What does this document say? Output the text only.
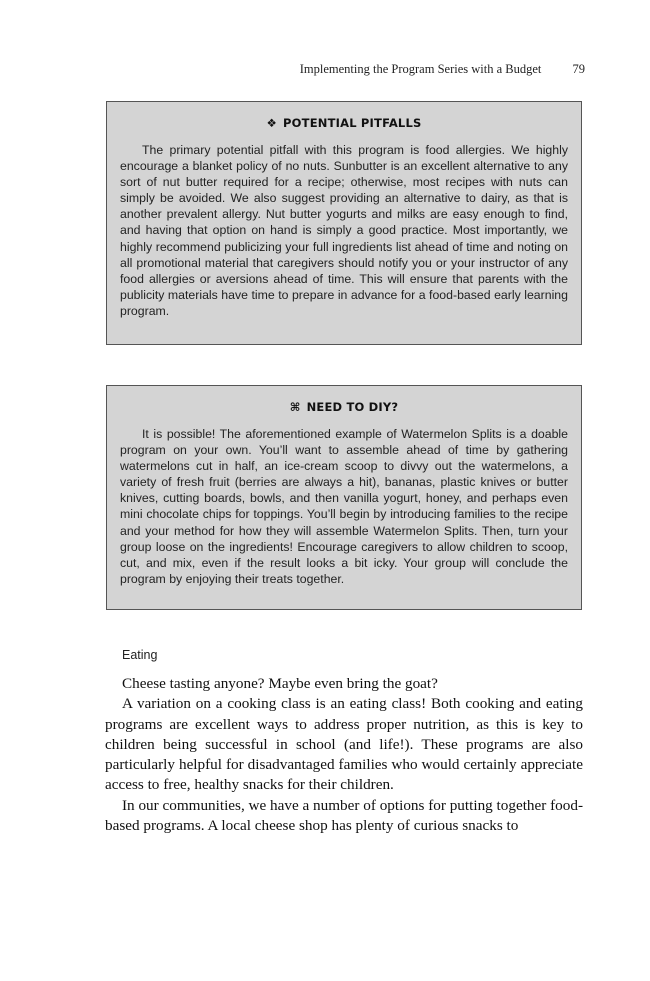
Implementing the Program Series with a Budget 79
❖ POTENTIAL PITFALLS

The primary potential pitfall with this program is food allergies. We highly encourage a blanket policy of no nuts. Sunbutter is an excellent alternative to any sort of nut butter required for a recipe; otherwise, most recipes with nuts can simply be avoided. We also suggest providing an alternative to dairy, as that is another prevalent allergy. Nut butter yogurts and milks are easy enough to find, and having that option on hand is simply a good practice. Most importantly, we highly recommend publicizing your full ingredients list ahead of time and noting on all promotional material that caregivers should notify you or your instructor of any food allergies or aversions ahead of time. This will ensure that parents with the publicity materials have time to prepare in advance for a food-based early learning program.

⌘ NEED TO DIY?

It is possible! The aforementioned example of Watermelon Splits is a doable program on your own. You’ll want to assemble ahead of time by gathering watermelons cut in half, an ice-cream scoop to divvy out the watermelons, a variety of fresh fruit (berries are always a hit), bananas, plastic knives or butter knives, cutting boards, bowls, and then vanilla yogurt, honey, and perhaps even mini chocolate chips for toppings. You’ll begin by introducing families to the recipe and your method for how they will assemble Watermelon Splits. Then, turn your group loose on the ingredients! Encourage caregivers to allow children to scoop, cut, and mix, even if the result looks a bit icky. Your group will conclude the program by enjoying their treats together.

Eating

Cheese tasting anyone? Maybe even bring the goat?

A variation on a cooking class is an eating class! Both cooking and eating programs are excellent ways to address proper nutrition, as this is key to children being successful in school (and life!). These programs are also particularly helpful for disadvantaged families who would certainly appreciate access to free, healthy snacks for their children.

In our communities, we have a number of options for putting together food-based programs. A local cheese shop has plenty of curious snacks to
